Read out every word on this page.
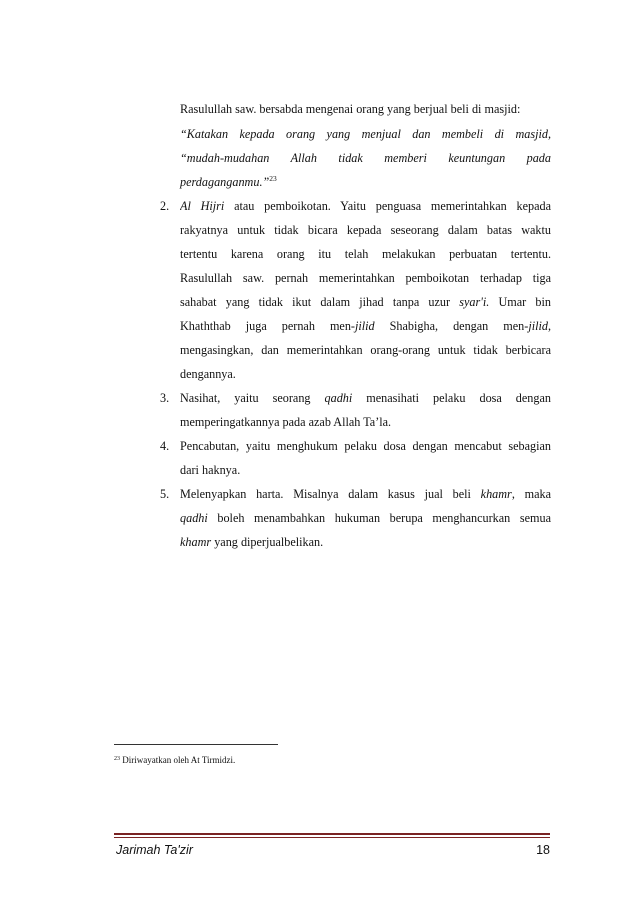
Rasulullah saw. bersabda mengenai orang yang berjual beli di masjid:
“Katakan kepada orang yang menjual dan membeli di masjid,
“mudah-mudahan Allah tidak memberi keuntungan pada
perdaganganmu.”$^{23}$
2. Al Hijri atau pemboikotan. Yaitu penguasa memerintahkan kepada
rakyatnya untuk tidak bicara kepada seseorang dalam batas waktu
tertentu karena orang itu telah melakukan perbuatan tertentu.
Rasulullah saw. pernah memerintahkan pemboikotan terhadap tiga
sahabat yang tidak ikut dalam jihad tanpa uzur syar'i. Umar bin
Khaththab juga pernah men-jilid Shabigha, dengan men-jilid,
mengasingkan, dan memerintahkan orang-orang untuk tidak berbicara
dengannya.
3. Nasihat, yaitu seorang qadhi menasihati pelaku dosa dengan
memperingatkannya pada azab Allah Ta’la.
4. Pencabutan, yaitu menghukum pelaku dosa dengan mencabut sebagian
dari haknya.
5. Melenyapkan harta. Misalnya dalam kasus jual beli khamr, maka
qadhi boleh menambahkan hukuman berupa menghancurkan semua
khamr yang diperjualbelikan.
$^{23}$ Diriwayatkan oleh At Tirmidzi.
Jarimah Ta'zir	18
